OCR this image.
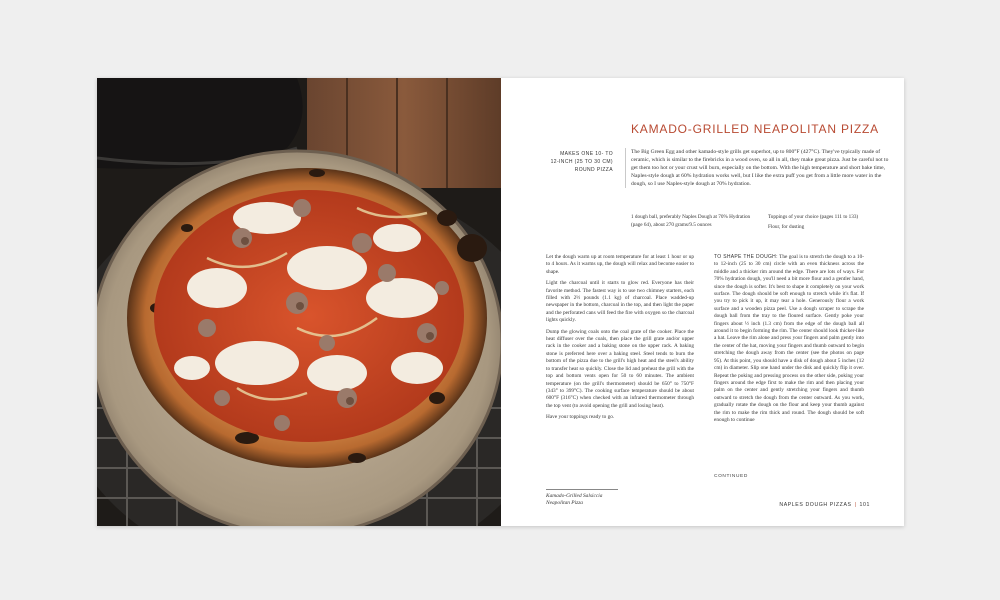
KAMADO-GRILLED NEAPOLITAN PIZZA
MAKES ONE 10- TO
12-INCH (25 TO 30 CM)
ROUND PIZZA

The Big Green Egg and other kamado-style grills get superhot, up to 800°F (427°C). They've typically made of ceramic, which is similar to the firebricks in a wood oven, so all in all, they make great pizza. Just be careful not to get them too hot or your crust will burn, especially on the bottom. With the high temperature and short bake time, Naples-style dough at 60% hydration works well, but I like the extra puff you get from a little more water in the dough, so I use Naples-style dough at 70% hydration.

1 dough ball, preferably Naples Dough at 70% Hydration (page 64), about 270 grams/9.5 ounces

Toppings of your choice (pages 111 to 133)

Flour, for dusting

Let the dough warm up at room temperature for at least 1 hour or up to 4 hours. As it warms up, the dough will relax and become easier to shape.

Light the charcoal until it starts to glow red. Everyone has their favorite method. The fastest way is to use two chimney starters, each filled with 2½ pounds (1.1 kg) of charcoal. Place wadded-up newspaper in the bottom, charcoal in the top, and then light the paper and the perforated cans will feed the fire with oxygen so the charcoal lights quickly.

Dump the glowing coals onto the coal grate of the cooker. Place the heat diffuser over the coals, then place the grill grate and/or upper rack in the cooker and a baking stone on the upper rack. A baking stone is preferred here over a baking steel. Steel tends to burn the bottom of the pizza due to the grill's high heat and the steel's ability to transfer heat so quickly. Close the lid and preheat the grill with the top and bottom vents open for 50 to 60 minutes. The ambient temperature (on the grill's thermometer) should be 650° to 750°F (343° to 399°C). The cooking surface temperature should be about 600°F (316°C) when checked with an infrared thermometer through the top vent (to avoid opening the grill and losing heat).

Have your toppings ready to go.

TO SHAPE THE DOUGH: The goal is to stretch the dough to a 10- to 12-inch (25 to 30 cm) circle with an even thickness across the middle and a thicker rim around the edge. There are lots of ways. For 70% hydration dough, you'll need a bit more flour and a gentler hand, since the dough is softer. It's best to shape it completely on your work surface. The dough should be soft enough to stretch while it's flat. If you try to pick it up, it may tear a hole. Generously flour a work surface and a wooden pizza peel. Use a dough scraper to scrape the dough ball from the tray to the floured surface. Gently poke your fingers about ½ inch (1.3 cm) from the edge of the dough ball all around it to begin forming the rim. The center should look thicker-like a hat. Leave the rim alone and press your fingers and palm gently into the center of the hat, moving your fingers and thumb outward to begin stretching the dough away from the center (see the photos on page 95). At this point, you should have a disk of dough about 5 inches (12 cm) in diameter. Slip one hand under the disk and quickly flip it over. Repeat the poking and pressing process on the other side, poking your fingers around the edge first to make the rim and then placing your palm on the center and gently stretching your fingers and thumb outward to stretch the dough from the center outward. As you work, gradually rotate the dough on the flour and keep your thumb against the rim to make the rim thick and round. The dough should be soft enough to continue

CONTINUED
Kamado-Grilled Salsiccia
Neapolitan Pizza	NAPLES DOUGH PIZZAS | 101
